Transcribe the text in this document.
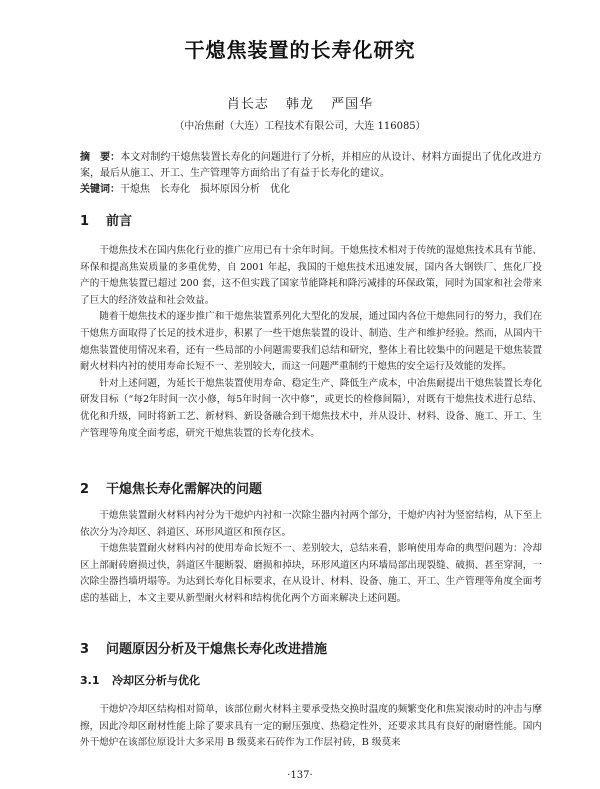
干熄焦装置的长寿化研究
肖长志 韩龙 严国华
（中冶焦耐（大连）工程技术有限公司，大连 116085）

摘　要：本文对制约干熄焦装置长寿化的问题进行了分析，并相应的从设计、材料方面提出了优化改进方案，最后从施工、开工、生产管理等方面给出了有益于长寿化的建议。

关键词：干熄焦　长寿化　损坏原因分析　优化

1 前言

干熄焦技术在国内焦化行业的推广应用已有十余年时间。干熄焦技术相对于传统的湿熄焦技术具有节能、环保和提高焦炭质量的多重优势，自 2001 年起，我国的干熄焦技术迅速发展，国内各大钢铁厂、焦化厂投产的干熄焦装置已超过 200 套，这不但实践了国家节能降耗和降污减排的环保政策，同时为国家和社会带来了巨大的经济效益和社会效益。

随着干熄焦技术的逐步推广和干熄焦装置系列化大型化的发展，通过国内各位干熄焦同行的努力，我们在干熄焦方面取得了长足的技术进步，积累了一些干熄焦装置的设计、制造、生产和维护经验。然而，从国内干熄焦装置使用情况来看，还有一些局部的小问题需要我们总结和研究，整体上看比较集中的问题是干熄焦装置耐火材料内衬的使用寿命长短不一、差别较大，而这一问题严重制约干熄焦的安全运行及效能的发挥。

针对上述问题，为延长干熄焦装置使用寿命、稳定生产、降低生产成本，中冶焦耐提出干熄焦装置长寿化研发目标（“每2年时间一次小修，每5年时间一次中修”，或更长的检修间隔），对既有干熄焦技术进行总结、优化和升级，同时将新工艺、新材料、新设备融合到干熄焦技术中，并从设计、材料、设备、施工、开工、生产管理等角度全面考虑，研究干熄焦装置的长寿化技术。

2 干熄焦长寿化需解决的问题

干熄焦装置耐火材料内衬分为干熄炉内衬和一次除尘器内衬两个部分，干熄炉内衬为竖窑结构，从下至上依次分为冷却区、斜道区、环形风道区和预存区。

干熄焦装置耐火材料内衬的使用寿命长短不一、差别较大，总结来看，影响使用寿命的典型问题为：冷却区上部耐砖磨损过快，斜道区牛腿断裂、磨损和掉块，环形风道区内环墙局部出现裂缝、破损、甚至穿洞，一次除尘器挡墙坍塌等。为达到长寿化目标要求，在从设计、材料、设备、施工、开工、生产管理等角度全面考虑的基础上，本文主要从新型耐火材料和结构优化两个方面来解决上述问题。

3 问题原因分析及干熄焦长寿化改进措施
3.1 冷却区分析与优化

干熄炉冷却区结构相对简单，该部位耐火材料主要承受热交换时温度的频繁变化和焦炭滚动时的冲击与摩擦，因此冷却区耐材性能上除了要求具有一定的耐压强度、热稳定性外，还要求其具有良好的耐磨性能。国内外干熄炉在该部位原设计大多采用 B 级莫来石砖作为工作层衬砖，B 级莫来

·137·
